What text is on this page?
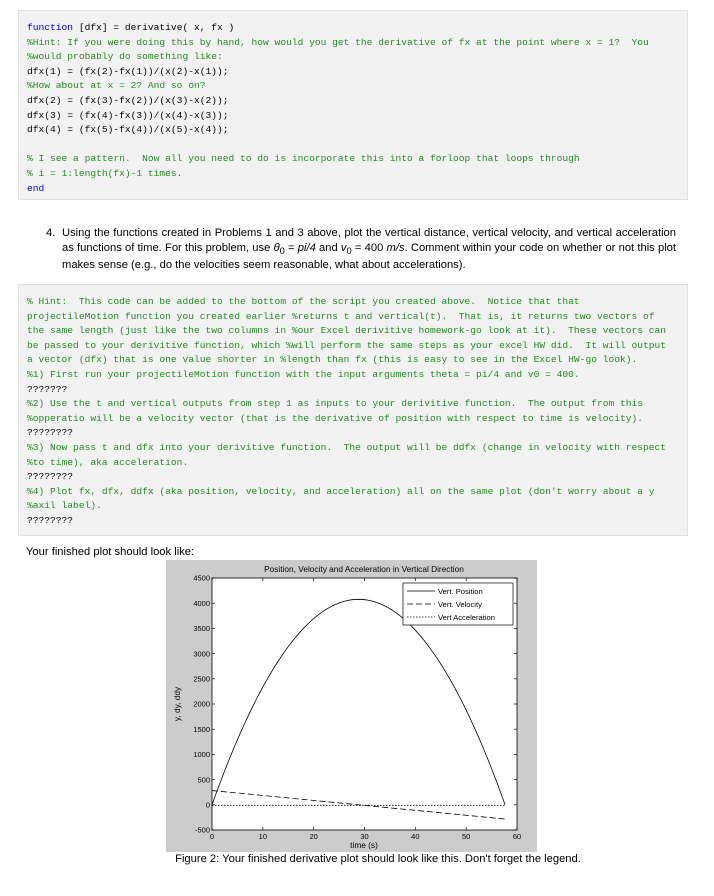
function [dfx] = derivative( x, fx )
%Hint: If you were doing this by hand, how would you get the derivative of fx at the point where x = 1?  You
%would probably do something like:
dfx(1) = (fx(2)-fx(1))/(x(2)-x(1));
%How about at x = 2? And so on?
dfx(2) = (fx(3)-fx(2))/(x(3)-x(2));
dfx(3) = (fx(4)-fx(3))/(x(4)-x(3));
dfx(4) = (fx(5)-fx(4))/(x(5)-x(4));

% I see a pattern.  Now all you need to do is incorporate this into a forloop that loops through
% i = 1:length(fx)-1 times.
end
4. Using the functions created in Problems 1 and 3 above, plot the vertical distance, vertical velocity, and vertical acceleration as functions of time. For this problem, use $\theta_0 = pi/4$ and $v_0 = 400$ m/s. Comment within your code on whether or not this plot makes sense (e.g., do the velocities seem reasonable, what about accelerations).
% Hint:  This code can be added to the bottom of the script you created above.  Notice that that
projectileMotion function you created earlier %returns t and vertical(t).  That is, it returns two vectors of
the same length (just like the two columns in %our Excel derivitive homework-go look at it).  These vectors can
be passed to your derivitive function, which %will perform the same steps as your excel HW did.  It will output
a vector (dfx) that is one value shorter in %length than fx (this is easy to see in the Excel HW-go look).
%1) First run your projectileMotion function with the input arguments theta = pi/4 and v0 = 400.
???????
%2) Use the t and vertical outputs from step 1 as inputs to your derivitive function.  The output from this
%opperatio will be a velocity vector (that is the derivative of position with respect to time is velocity).
????????
%3) Now pass t and dfx into your derivitive function.  The output will be ddfx (change in velocity with respect
%to time), aka acceleration.
????????
%4) Plot fx, dfx, ddfx (aka position, velocity, and acceleration) all on the same plot (don't worry about a y
%axil label).
????????
Your finished plot should look like:
Position, Velocity and Acceleration in Vertical Direction
time (s)
y, dy, ddy
0	10	20	30	40	50	60
-500
0
500
1000
1500
2000
2500
3000
3500
4000
4500
Vert. Position
Vert. Velocity
Vert Acceleration
Figure 2: Your finished derivative plot should look like this. Don't forget the legend.
